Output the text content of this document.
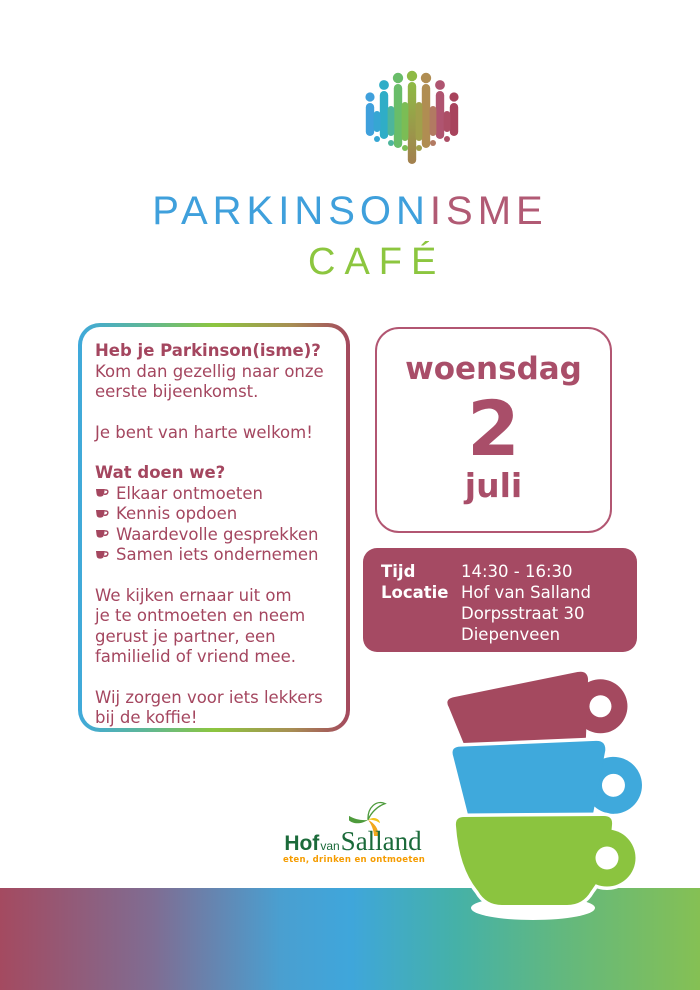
PARKINSONISME
CAFÉ
Heb je Parkinson(isme)?
Kom dan gezellig naar onze
eerste bijeenkomst.
Je bent van harte welkom!
Wat doen we?
Elkaar ontmoeten
Kennis opdoen
Waardevolle gesprekken
Samen iets ondernemen
We kijken ernaar uit om
je te ontmoeten en neem
gerust je partner, een
familielid of vriend mee.
Wij zorgen voor iets lekkers
bij de koffie!
woensdag
2
juli
Tijd
Locatie
14:30 - 16:30
Hof van Salland
Dorpsstraat 30
Diepenveen
HofvanSalland
eten, drinken en ontmoeten
